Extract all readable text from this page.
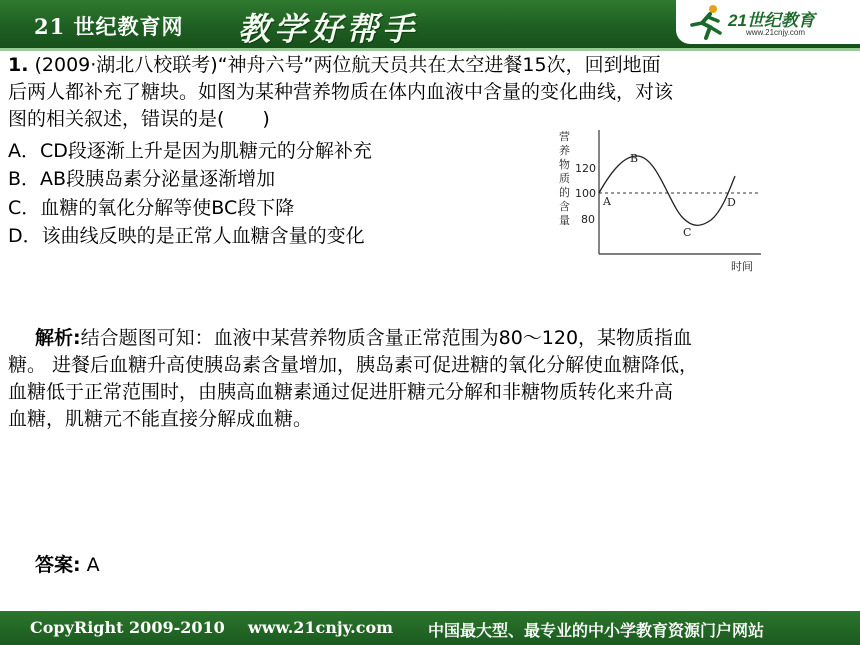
21 世纪教育网 教学好帮手	21世纪教育
www.21cnjy.com
1. (2009·湖北八校联考)“神舟六号”两位航天员共在太空进餐15次，回到地面
后两人都补充了糖块。如图为某种营养物质在体内血液中含量的变化曲线，对该
图的相关叙述，错误的是(　　)
A．CD段逐渐上升是因为肌糖元的分解补充
B．AB段胰岛素分泌量逐渐增加
C．血糖的氧化分解等使BC段下降
D．该曲线反映的是正常人血糖含量的变化
营
养
物
质
的
含
量
120
100
80
A
B
C
D
时间
解析:结合题图可知：血液中某营养物质含量正常范围为80～120，某物质指血
糖。 进餐后血糖升高使胰岛素含量增加，胰岛素可促进糖的氧化分解使血糖降低，
血糖低于正常范围时，由胰高血糖素通过促进肝糖元分解和非糖物质转化来升高
血糖，肌糖元不能直接分解成血糖。
答案: A
CopyRight 2009-2010 www.21cnjy.com 中国最大型、最专业的中小学教育资源门户网站
